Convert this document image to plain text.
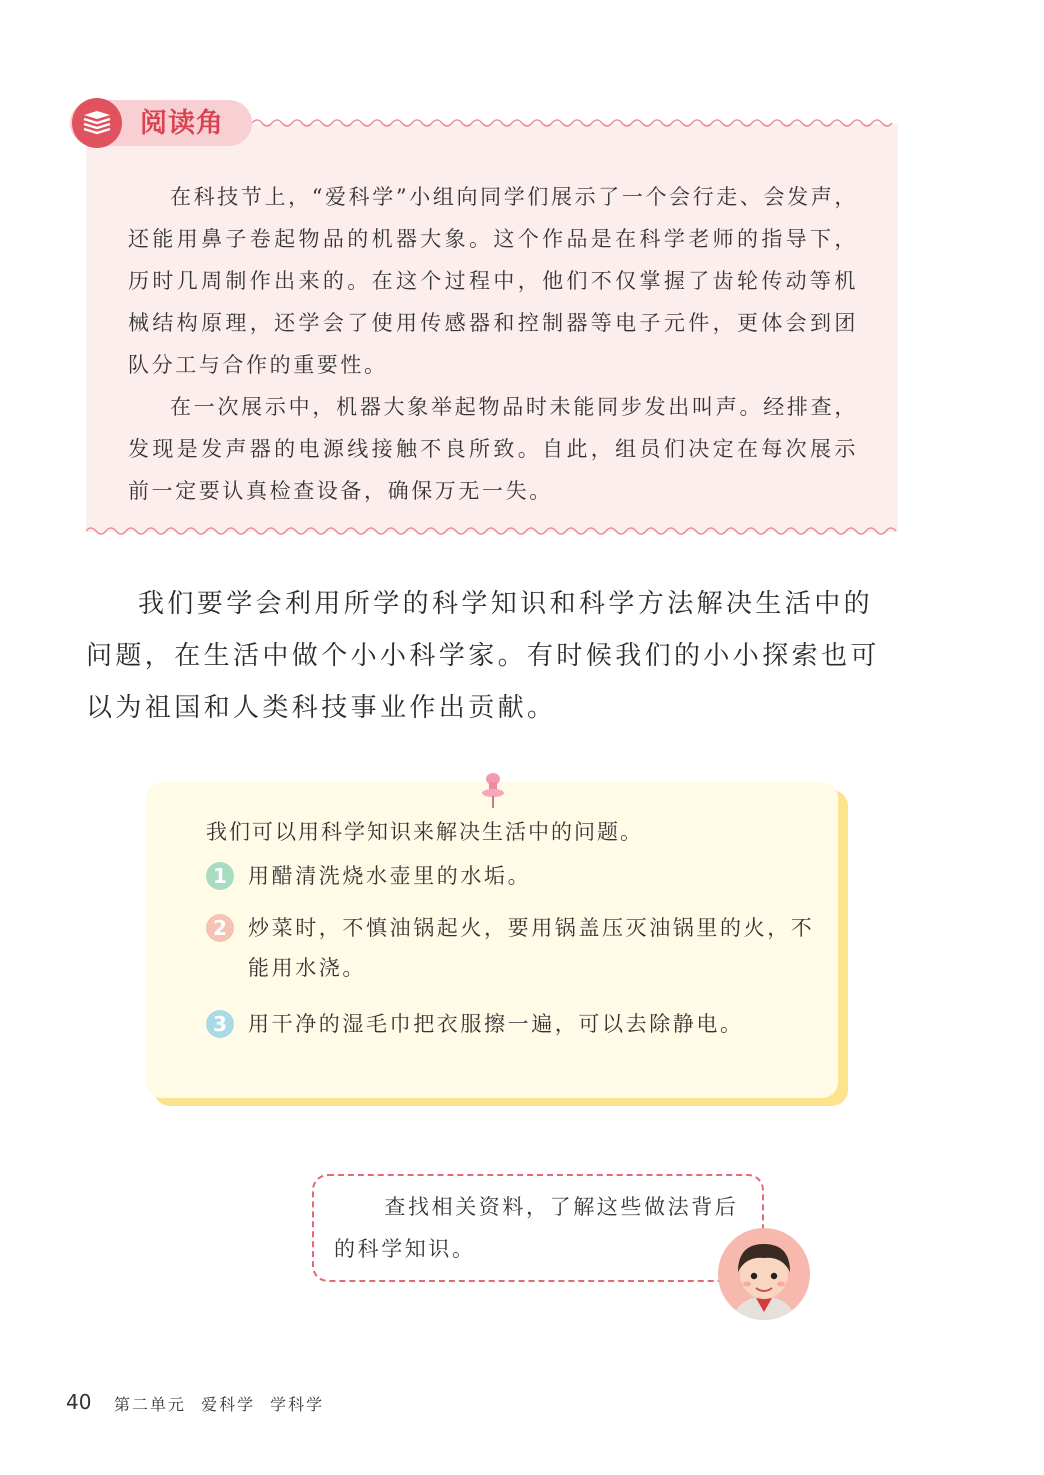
阅读角

在科技节上，“爱科学”小组向同学们展示了一个会行走、会发声，还能用鼻子卷起物品的机器大象。这个作品是在科学老师的指导下，历时几周制作出来的。在这个过程中，他们不仅掌握了齿轮传动等机械结构原理，还学会了使用传感器和控制器等电子元件，更体会到团队分工与合作的重要性。

在一次展示中，机器大象举起物品时未能同步发出叫声。经排查，发现是发声器的电源线接触不良所致。自此，组员们决定在每次展示前一定要认真检查设备，确保万无一失。

我们要学会利用所学的科学知识和科学方法解决生活中的问题，在生活中做个小小科学家。有时候我们的小小探索也可以为祖国和人类科技事业作出贡献。

我们可以用科学知识来解决生活中的问题。
1	用醋清洗烧水壶里的水垢。
2	炒菜时，不慎油锅起火，要用锅盖压灭油锅里的火，不能用水浇。
3	用干净的湿毛巾把衣服擦一遍，可以去除静电。
查找相关资料，了解这些做法背后的科学知识。
40 第二单元 爱科学 学科学
